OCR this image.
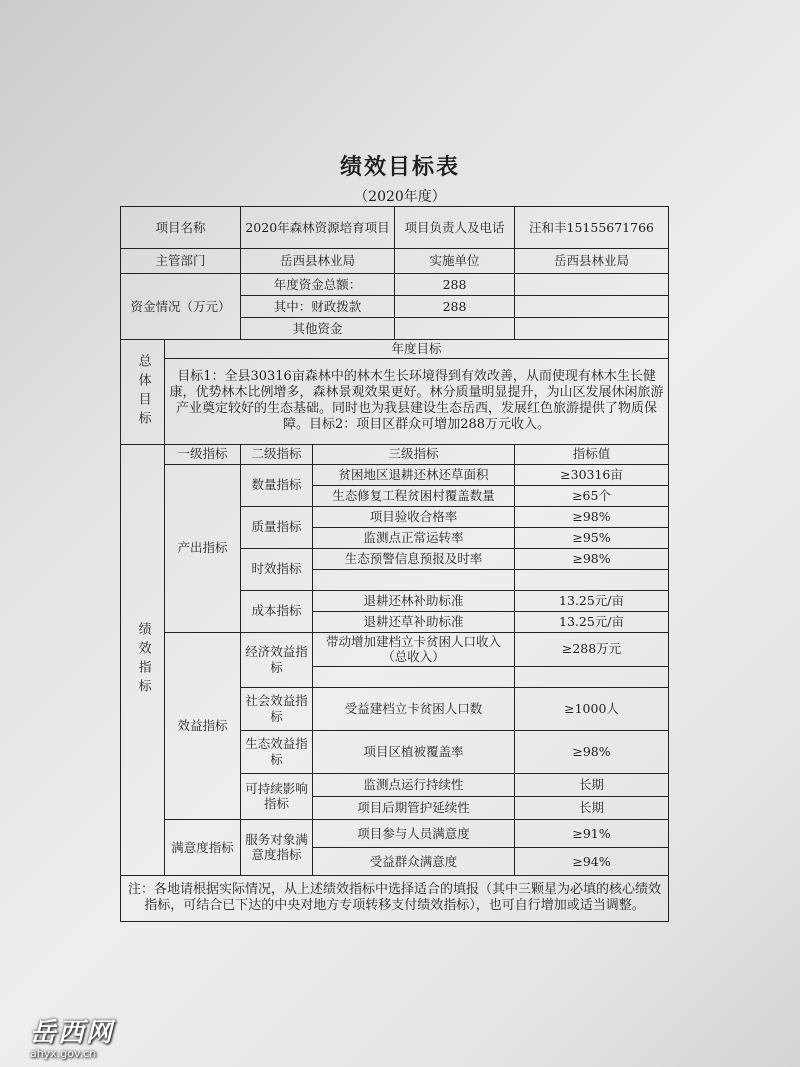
绩效目标表
（2020年度）
项目名称		2020年森林资源培育项目		项目负责人及电话	汪和丰15155671766
主管部门		岳西县林业局		实施单位	岳西县林业局
资金情况（万元）		年度资金总额：		288	
		其中：财政拨款		288	
		其他资金			
总体目标	年度目标				
	目标1：全县30316亩森林中的林木生长环境得到有效改善，从而使现有林木生长健康，优势林木比例增多，森林景观效果更好。林分质量明显提升，为山区发展休闲旅游产业奠定较好的生态基础。同时也为我县建设生态岳西，发展红色旅游提供了物质保障。目标2：项目区群众可增加288万元收入。				
绩效指标	一级指标	二级指标	三级指标		指标值
	产出指标	数量指标	贫困地区退耕还林还草面积		≥30316亩
			生态修复工程贫困村覆盖数量		≥65个
		质量指标	项目验收合格率		≥98%
			监测点正常运转率		≥95%
		时效指标	生态预警信息预报及时率		≥98%

		成本指标	退耕还林补助标准		13.25元/亩
			退耕还草补助标准		13.25元/亩
	效益指标	经济效益指标	带动增加建档立卡贫困人口收入（总收入）		≥288万元

		社会效益指标	受益建档立卡贫困人口数		≥1000人
		生态效益指标	项目区植被覆盖率		≥98%
		可持续影响指标	监测点运行持续性		长期
			项目后期管护延续性		长期
	满意度指标	服务对象满意度指标	项目参与人员满意度		≥91%
			受益群众满意度		≥94%
注：各地请根据实际情况，从上述绩效指标中选择适合的填报（其中三颗星为必填的核心绩效指标，可结合已下达的中央对地方专项转移支付绩效指标），也可自行增加或适当调整。					
岳西网
ahyx.gov.cn
